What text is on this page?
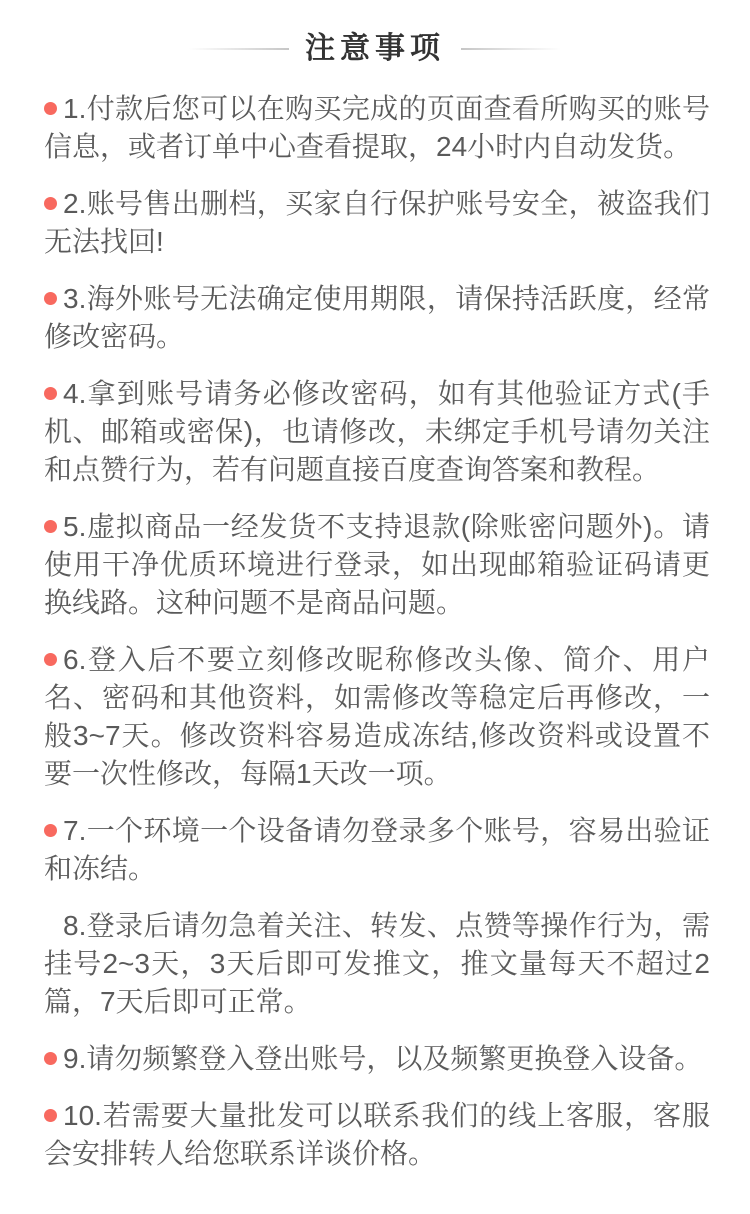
注意事项

1.付款后您可以在购买完成的页面查看所购买的账号信息，或者订单中心查看提取，24小时内自动发货。

2.账号售出删档，买家自行保护账号安全，被盗我们无法找回!

3.海外账号无法确定使用期限，请保持活跃度，经常修改密码。

4.拿到账号请务必修改密码，如有其他验证方式(手机、邮箱或密保)，也请修改，未绑定手机号请勿关注和点赞行为，若有问题直接百度查询答案和教程。

5.虚拟商品一经发货不支持退款(除账密问题外)。请使用干净优质环境进行登录，如出现邮箱验证码请更换线路。这种问题不是商品问题。

6.登入后不要立刻修改昵称修改头像、简介、用户名、密码和其他资料，如需修改等稳定后再修改，一般3~7天。修改资料容易造成冻结,修改资料或设置不要一次性修改，每隔1天改一项。

7.一个环境一个设备请勿登录多个账号，容易出验证和冻结。

8.登录后请勿急着关注、转发、点赞等操作行为，需挂号2~3天，3天后即可发推文，推文量每天不超过2篇，7天后即可正常。

9.请勿频繁登入登出账号，以及频繁更换登入设备。

10.若需要大量批发可以联系我们的线上客服，客服会安排转人给您联系详谈价格。
